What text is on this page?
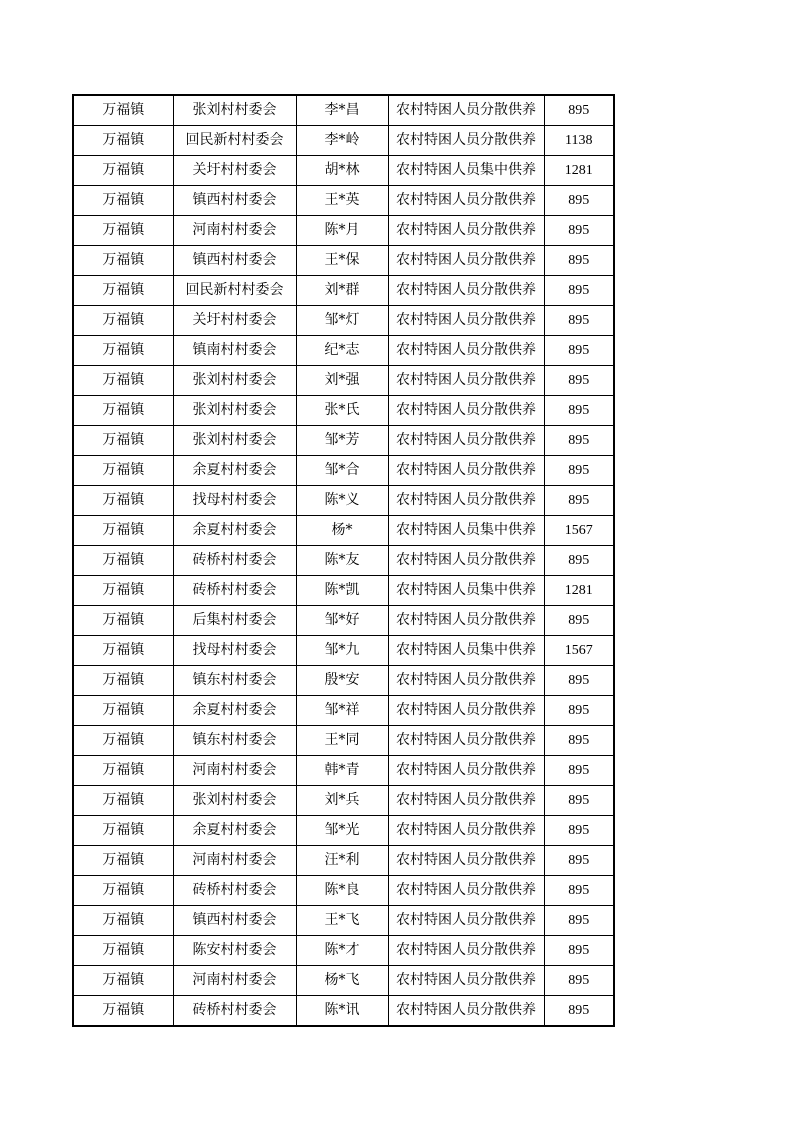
万福镇	张刘村村委会	李*昌	农村特困人员分散供养	895
万福镇	回民新村村委会	李*岭	农村特困人员分散供养	1138
万福镇	关圩村村委会	胡*林	农村特困人员集中供养	1281
万福镇	镇西村村委会	王*英	农村特困人员分散供养	895
万福镇	河南村村委会	陈*月	农村特困人员分散供养	895
万福镇	镇西村村委会	王*保	农村特困人员分散供养	895
万福镇	回民新村村委会	刘*群	农村特困人员分散供养	895
万福镇	关圩村村委会	邹*灯	农村特困人员分散供养	895
万福镇	镇南村村委会	纪*志	农村特困人员分散供养	895
万福镇	张刘村村委会	刘*强	农村特困人员分散供养	895
万福镇	张刘村村委会	张*氏	农村特困人员分散供养	895
万福镇	张刘村村委会	邹*芳	农村特困人员分散供养	895
万福镇	余夏村村委会	邹*合	农村特困人员分散供养	895
万福镇	找母村村委会	陈*义	农村特困人员分散供养	895
万福镇	余夏村村委会	杨*	农村特困人员集中供养	1567
万福镇	砖桥村村委会	陈*友	农村特困人员分散供养	895
万福镇	砖桥村村委会	陈*凯	农村特困人员集中供养	1281
万福镇	后集村村委会	邹*好	农村特困人员分散供养	895
万福镇	找母村村委会	邹*九	农村特困人员集中供养	1567
万福镇	镇东村村委会	殷*安	农村特困人员分散供养	895
万福镇	余夏村村委会	邹*祥	农村特困人员分散供养	895
万福镇	镇东村村委会	王*同	农村特困人员分散供养	895
万福镇	河南村村委会	韩*青	农村特困人员分散供养	895
万福镇	张刘村村委会	刘*兵	农村特困人员分散供养	895
万福镇	余夏村村委会	邹*光	农村特困人员分散供养	895
万福镇	河南村村委会	汪*利	农村特困人员分散供养	895
万福镇	砖桥村村委会	陈*良	农村特困人员分散供养	895
万福镇	镇西村村委会	王*飞	农村特困人员分散供养	895
万福镇	陈安村村委会	陈*才	农村特困人员分散供养	895
万福镇	河南村村委会	杨*飞	农村特困人员分散供养	895
万福镇	砖桥村村委会	陈*讯	农村特困人员分散供养	895
